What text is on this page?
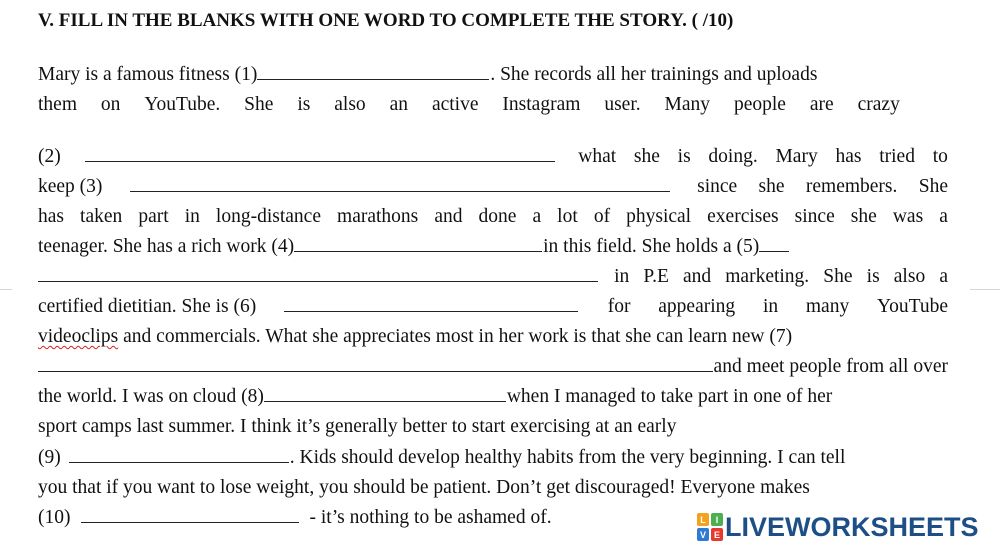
V. FILL IN THE BLANKS WITH ONE WORD TO COMPLETE THE STORY. ( /10)
Mary is a famous fitness (1)	. She records all her trainings and uploads
them on YouTube. She is also an active Instagram user. Many people are crazy
(2)	what she is doing. Mary has tried to
keep (3)	since she remembers. She
has taken part in long-distance marathons and done a lot of physical exercises since she was a
teenager. She has a rich work (4)	in this field. She holds a (5)
in P.E and marketing. She is also a
certified dietitian. She is (6)	for appearing in many YouTube
videoclips and commercials. What she appreciates most in her work is that she can learn new (7)
and meet people from all over
the world. I was on cloud (8)	when I managed to take part in one of her
sport camps last summer. I think it’s generally better to start exercising at an early
(9)	. Kids should develop healthy habits from the very beginning. I can tell
you that if you want to lose weight, you should be patient. Don’t get discouraged! Everyone makes
(10)	- it’s nothing to be ashamed of.	L I
V E LIVEWORKSHEETS
